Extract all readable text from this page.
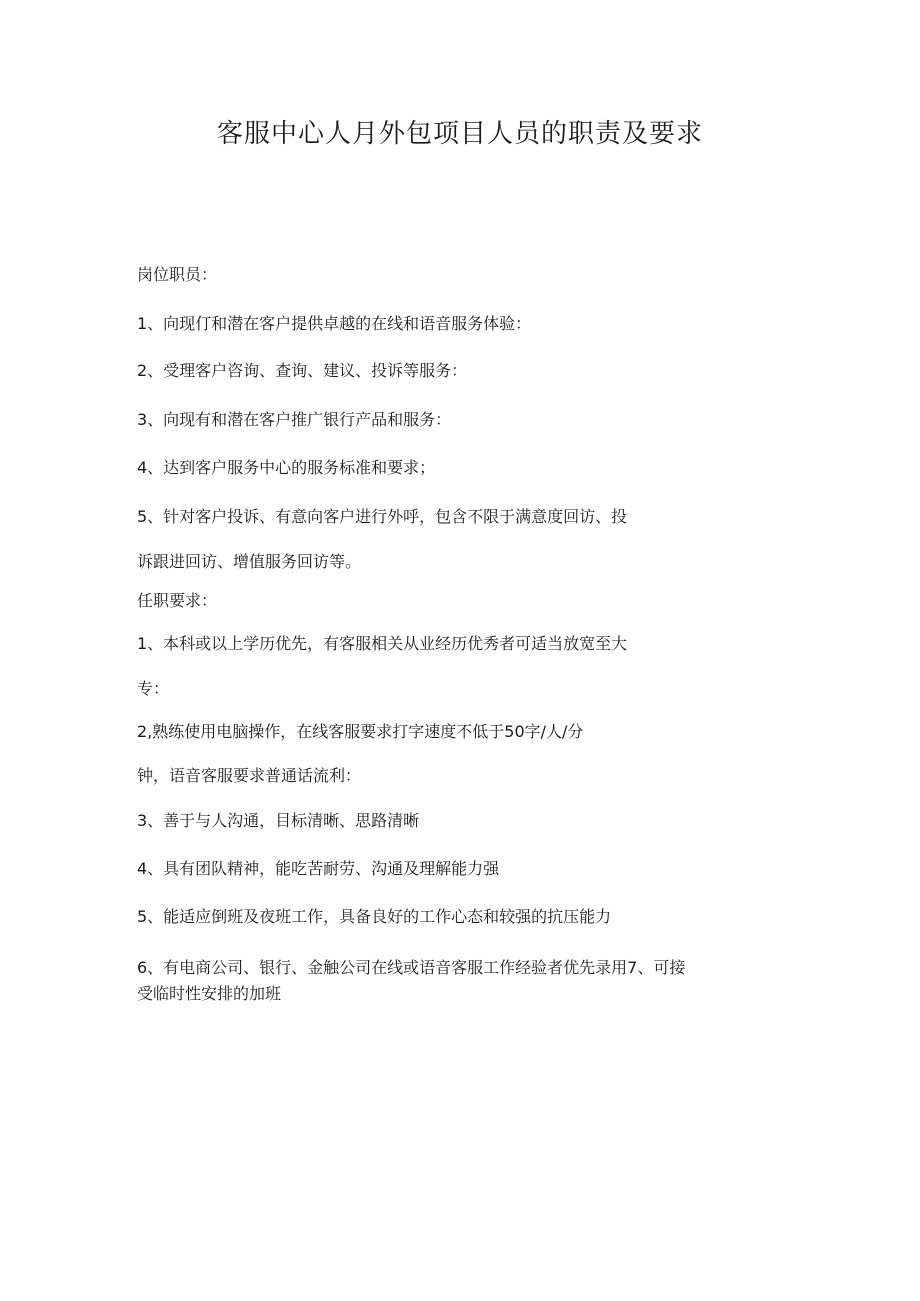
客服中心人月外包项目人员的职责及要求

岗位职员：

1、向现仃和潜在客户提供卓越的在线和语音服务体验：

2、受理客户咨询、查询、建议、投诉等服务：

3、向现有和潜在客户推广银行产品和服务：

4、达到客户服务中心的服务标准和要求；

5、针对客户投诉、有意向客户进行外呼，包含不限于满意度回访、投

诉跟进回访、增值服务回访等。

任职要求：

1、本科或以上学历优先，有客服相关从业经历优秀者可适当放宽至大

专：

2,熟练使用电脑操作，在线客服要求打字速度不低于50字/人/分

钟，语音客服要求普通话流利：

3、善于与人沟通，目标清晰、思路清晰

4、具有团队精神，能吃苦耐劳、沟通及理解能力强

5、能适应倒班及夜班工作，具备良好的工作心态和较强的抗压能力

6、有电商公司、银行、金触公司在线或语音客服工作经验者优先录用7、可接

受临时性安排的加班
